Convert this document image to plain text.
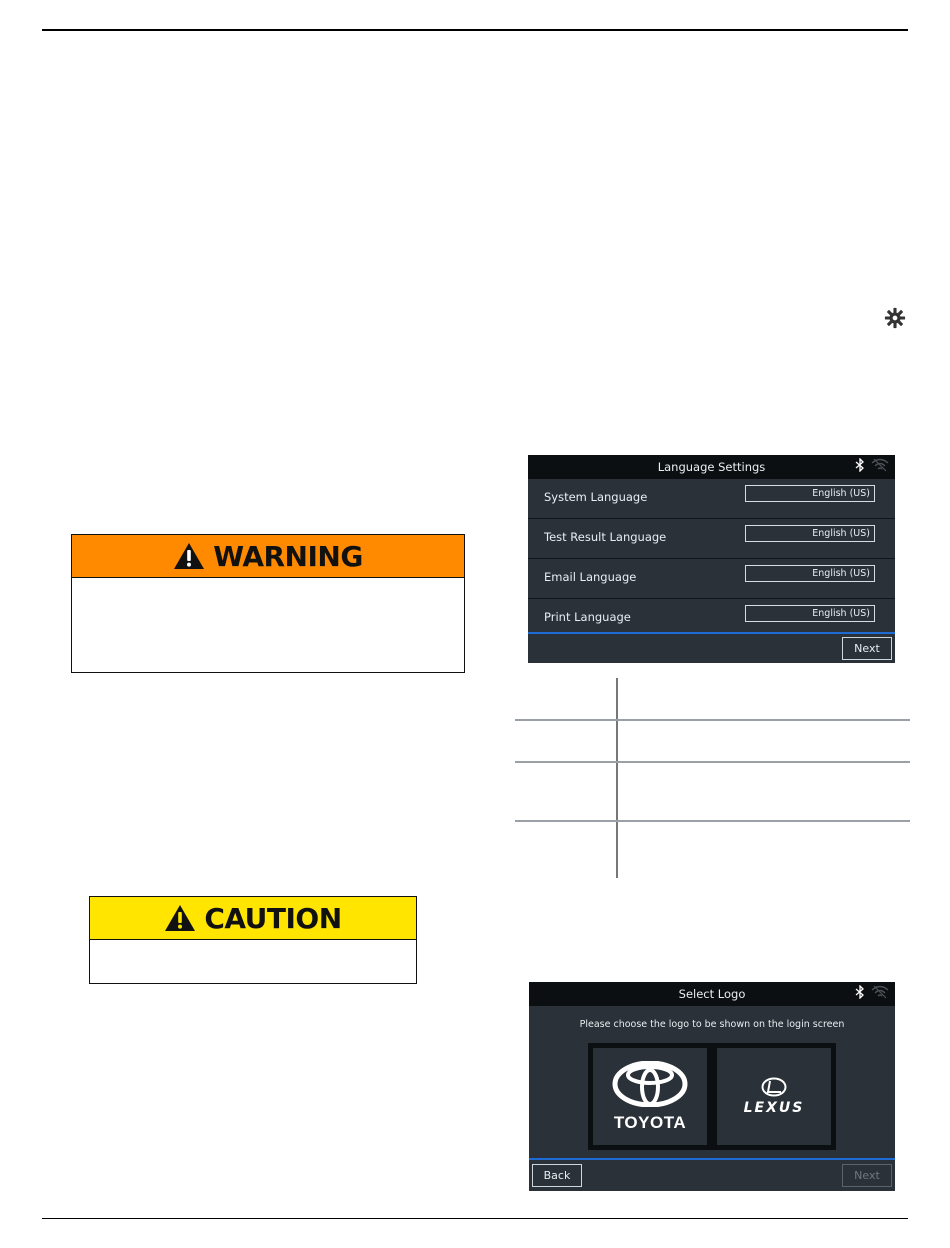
WARNING
CAUTION
Language Settings
System Language	English (US)
Test Result Language	English (US)
Email Language	English (US)
Print Language	English (US)
Next
Select Logo
Please choose the logo to be shown on the login screen
TOYOTA
LEXUS
Back	Next
